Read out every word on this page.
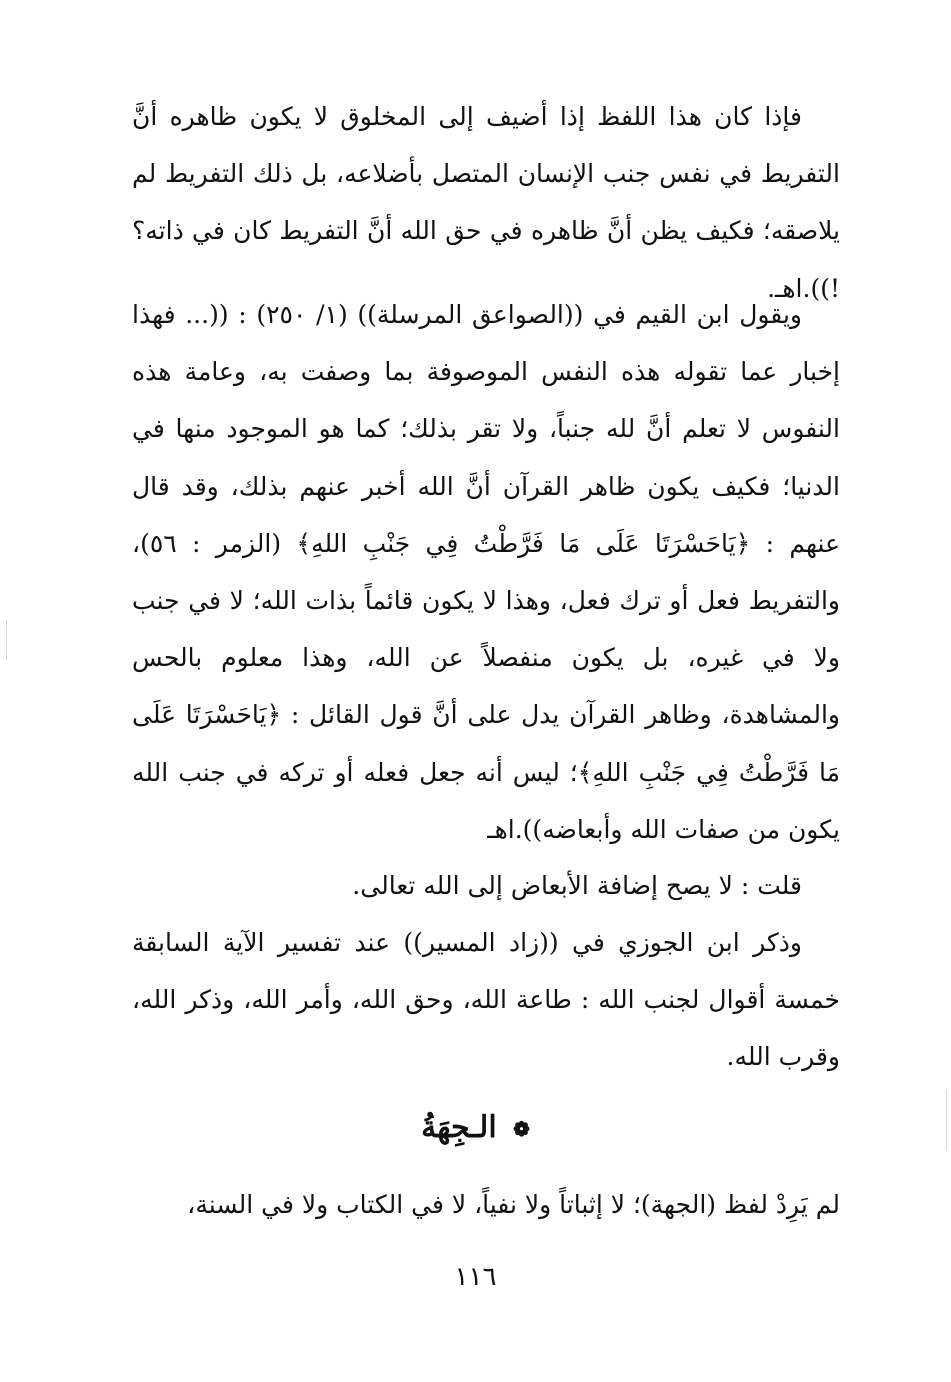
فإذا كان هذا اللفظ إذا أضيف إلى المخلوق لا يكون ظاهره أنَّ التفريط في نفس جنب الإنسان المتصل بأضلاعه، بل ذلك التفريط لم يلاصقه؛ فكيف يظن أنَّ ظاهره في حق الله أنَّ التفريط كان في ذاته؟ !)).اهـ.

ويقول ابن القيم في ((الصواعق المرسلة)) (١/ ٢٥٠) : ((... فهذا إخبار عما تقوله هذه النفس الموصوفة بما وصفت به، وعامة هذه النفوس لا تعلم أنَّ لله جنباً، ولا تقر بذلك؛ كما هو الموجود منها في الدنيا؛ فكيف يكون ظاهر القرآن أنَّ الله أخبر عنهم بذلك، وقد قال عنهم : ﴿يَاحَسْرَتَا عَلَى مَا فَرَّطْتُ فِي جَنْبِ اللهِ﴾ (الزمر : ٥٦)، والتفريط فعل أو ترك فعل، وهذا لا يكون قائماً بذات الله؛ لا في جنب ولا في غيره، بل يكون منفصلاً عن الله، وهذا معلوم بالحس والمشاهدة، وظاهر القرآن يدل على أنَّ قول القائل : ﴿يَاحَسْرَتَا عَلَى مَا فَرَّطْتُ فِي جَنْبِ اللهِ﴾؛ ليس أنه جعل فعله أو تركه في جنب الله يكون من صفات الله وأبعاضه)).اهـ

قلت : لا يصح إضافة الأبعاض إلى الله تعالى.

وذكر ابن الجوزي في ((زاد المسير)) عند تفسير الآية السابقة خمسة أقوال لجنب الله : طاعة الله، وحق الله، وأمر الله، وذكر الله، وقرب الله.

❁ الـجِهَةُ

لم يَرِدْ لفظ (الجهة)؛ لا إثباتاً ولا نفياً، لا في الكتاب ولا في السنة،

١١٦
